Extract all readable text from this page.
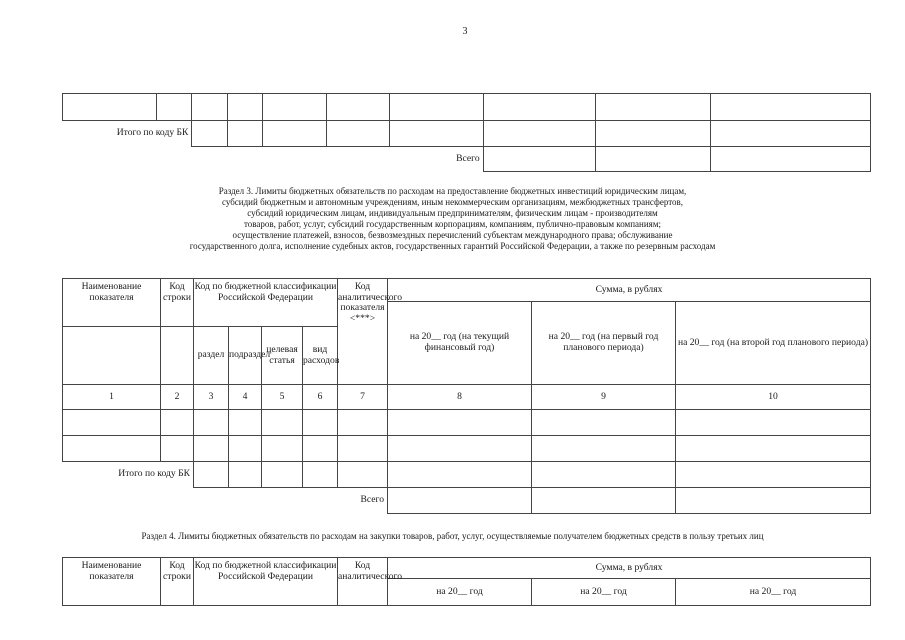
3

Итого по коду БК									
Всего									
Раздел 3. Лимиты бюджетных обязательств по расходам на предоставление бюджетных инвестиций юридическим лицам,
субсидий бюджетным и автономным учреждениям, иным некоммерческим организациям, межбюджетных трансфертов,
субсидий юридическим лицам, индивидуальным предпринимателям, физическим лицам - производителям
товаров, работ, услуг, субсидий государственным корпорациям, компаниям, публично-правовым компаниям;
осуществление платежей, взносов, безвозмездных перечислений субъектам международного права; обслуживание
государственного долга, исполнение судебных актов, государственных гарантий Российской Федерации, а также по резервным расходам
Наименование показателя	Код строки	Код по бюджетной классификации Российской Федерации				Код аналитического показателя <***>	Сумма, в рублях		
							на 20__ год (на текущий финансовый год)	на 20__ год (на первый год планового периода)	на 20__ год (на второй год планового периода)
		раздел	подраздел	целевая статья	вид расходов				
1	2	3	4	5	6	7	8	9	10

Итого по коду БК									
Всего									
Раздел 4. Лимиты бюджетных обязательств по расходам на закупки товаров, работ, услуг, осуществляемые получателем бюджетных средств в пользу третьих лиц
Наименование показателя	Код строки	Код по бюджетной классификации Российской Федерации	Код аналитического	Сумма, в рублях		
				на 20__ год	на 20__ год	на 20__ год
